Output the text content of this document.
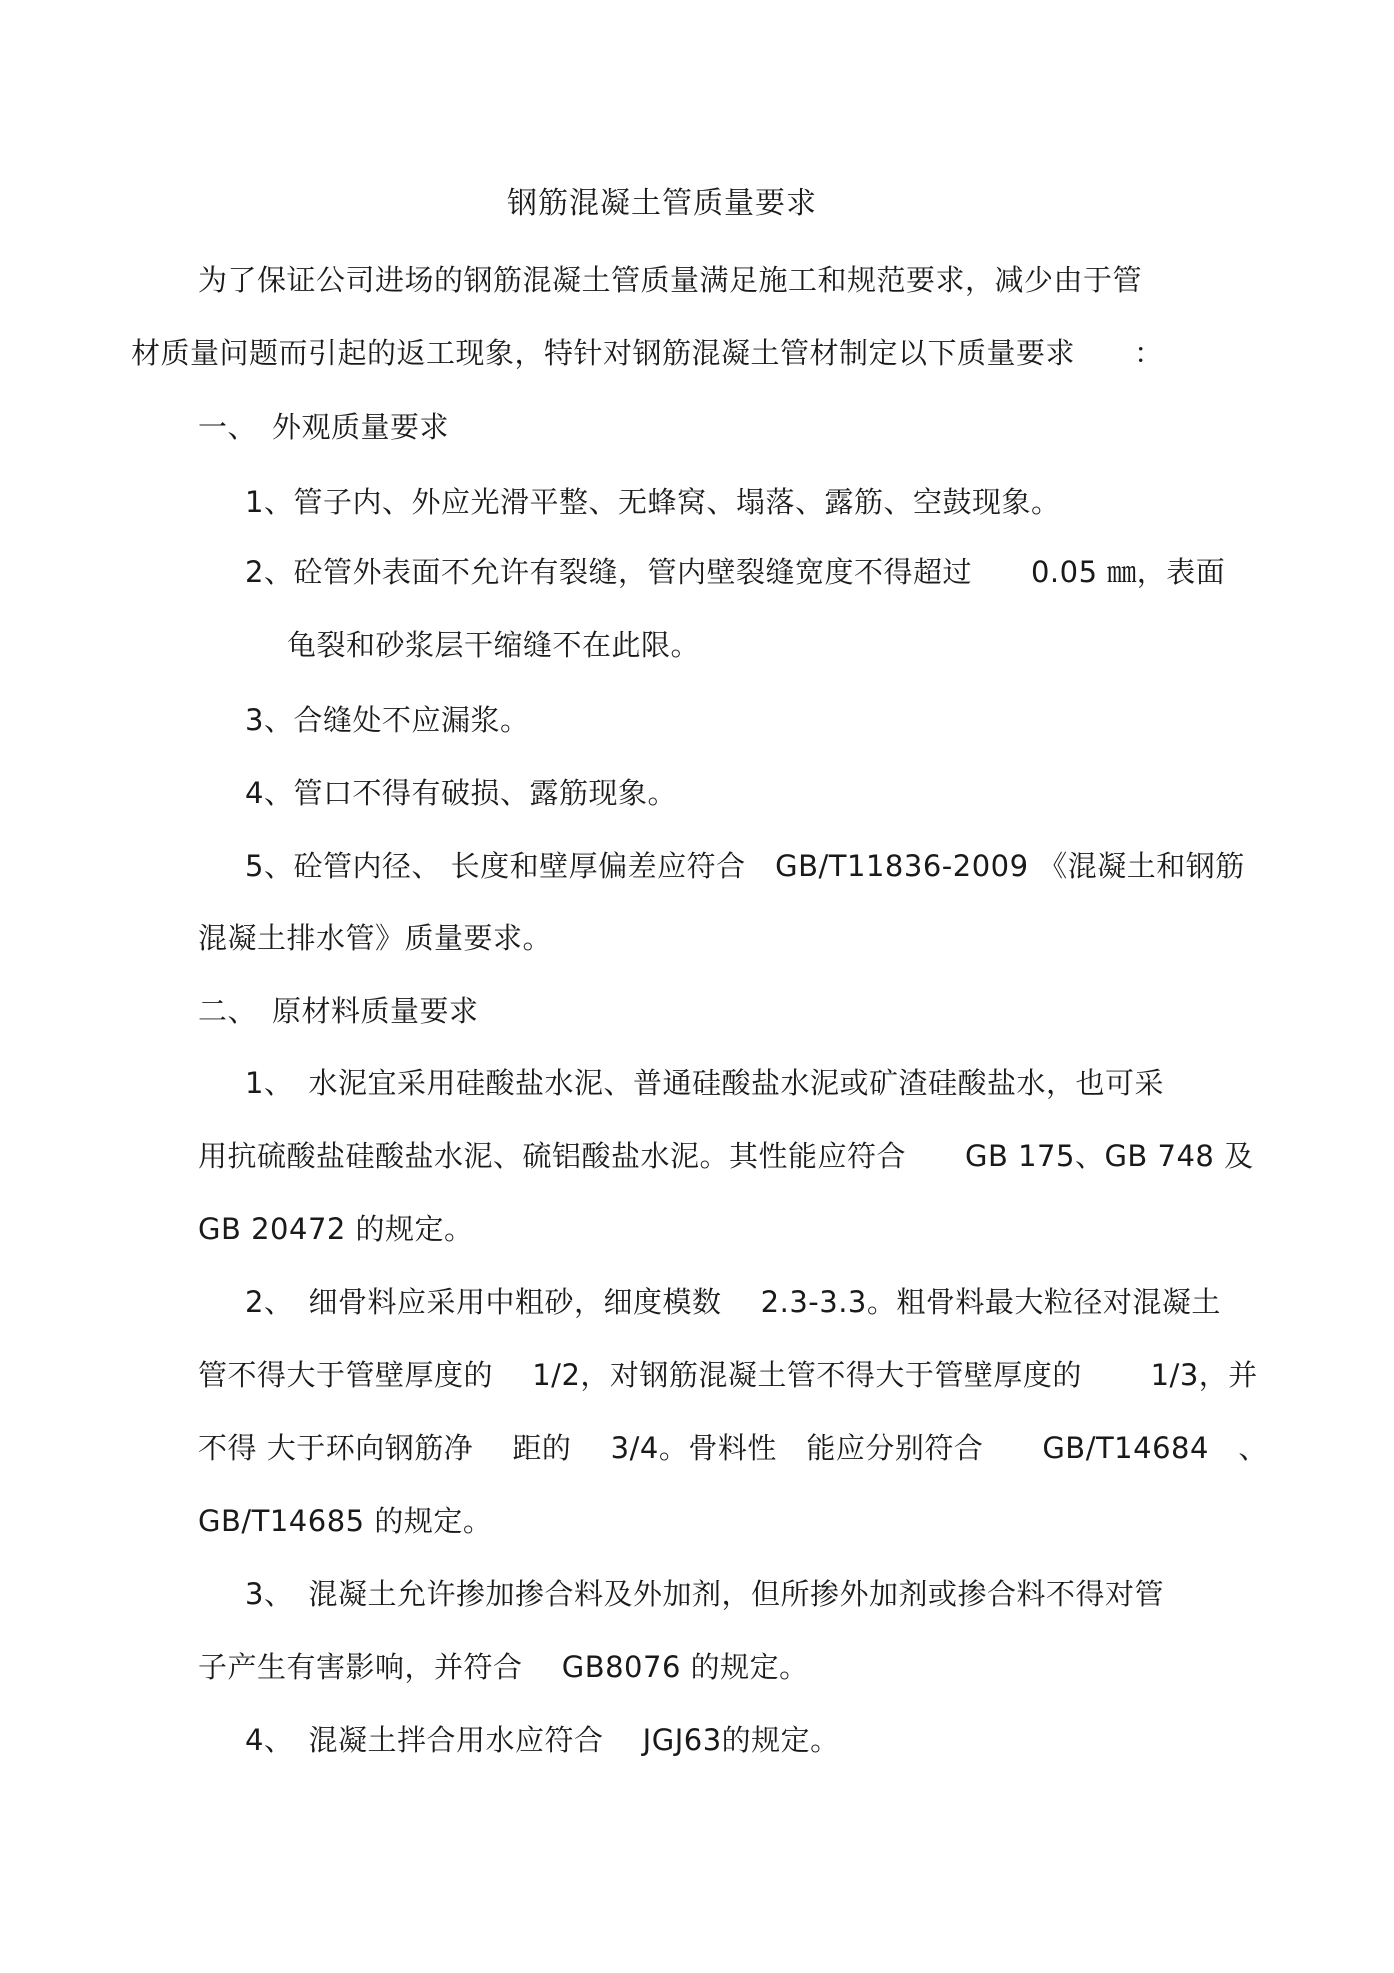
钢筋混凝土管质量要求
为了保证公司进场的钢筋混凝土管质量满足施工和规范要求，减少由于管
材质量问题而引起的返工现象，特针对钢筋混凝土管材制定以下质量要求　　：
一、　外观质量要求
1、管子内、外应光滑平整、无蜂窝、塌落、露筋、空鼓现象。
2、砼管外表面不允许有裂缝，管内壁裂缝宽度不得超过　　0.05 ㎜，表面
龟裂和砂浆层干缩缝不在此限。
3、合缝处不应漏浆。
4、管口不得有破损、露筋现象。
5、砼管内径、 长度和壁厚偏差应符合　GB/T11836-2009 《混凝土和钢筋
混凝土排水管》质量要求。
二、　原材料质量要求
1、　水泥宜采用硅酸盐水泥、普通硅酸盐水泥或矿渣硅酸盐水，也可采
用抗硫酸盐硅酸盐水泥、硫铝酸盐水泥。其性能应符合　　GB 175、GB 748 及
GB 20472 的规定。
2、　细骨料应采用中粗砂，细度模数　 2.3-3.3。粗骨料最大粒径对混凝土
管不得大于管壁厚度的　 1/2，对钢筋混凝土管不得大于管壁厚度的　　 1/3，并
不得 大于环向钢筋净　 距的　 3/4。骨料性　能应分别符合　　GB/T14684　、
GB/T14685 的规定。
3、　混凝土允许掺加掺合料及外加剂，但所掺外加剂或掺合料不得对管
子产生有害影响，并符合　 GB8076 的规定。
4、　混凝土拌合用水应符合　 JGJ63的规定。
